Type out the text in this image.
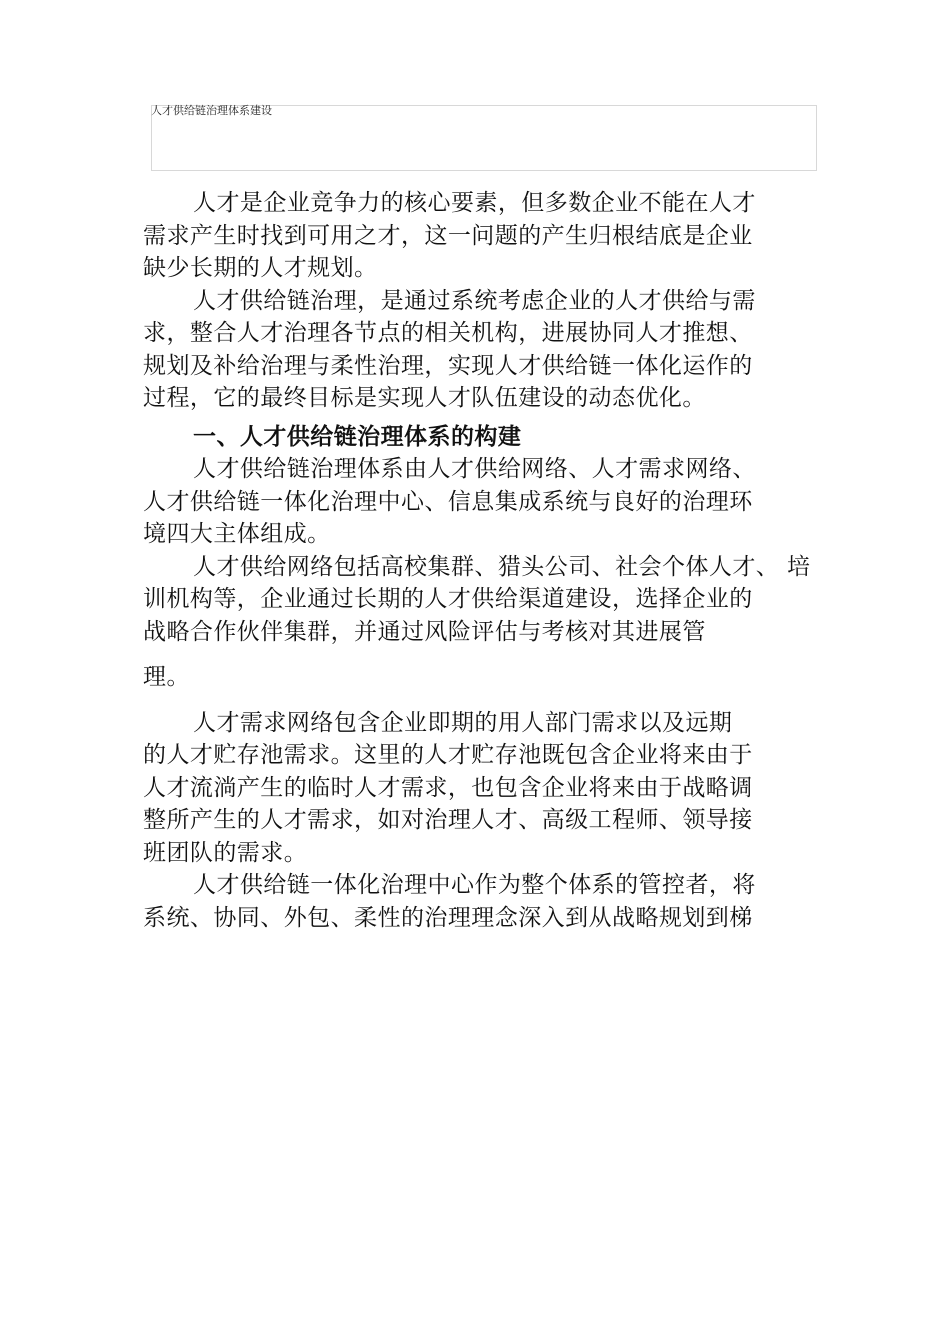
人才供给链治理体系建设
人才是企业竞争力的核心要素，但多数企业不能在人才
需求产生时找到可用之才，这一问题的产生归根结底是企业
缺少长期的人才规划。
人才供给链治理，是通过系统考虑企业的人才供给与需
求，整合人才治理各节点的相关机构，进展协同人才推想、
规划及补给治理与柔性治理，实现人才供给链一体化运作的
过程，它的最终目标是实现人才队伍建设的动态优化。
一、人才供给链治理体系的构建
人才供给链治理体系由人才供给网络、人才需求网络、
人才供给链一体化治理中心、信息集成系统与良好的治理环
境四大主体组成。
人才供给网络包括高校集群、猎头公司、社会个体人才、 培
训机构等，企业通过长期的人才供给渠道建设，选择企业的
战略合作伙伴集群，并通过风险评估与考核对其进展管
理。
人才需求网络包含企业即期的用人部门需求以及远期
的人才贮存池需求。这里的人才贮存池既包含企业将来由于
人才流淌产生的临时人才需求，也包含企业将来由于战略调
整所产生的人才需求，如对治理人才、高级工程师、领导接
班团队的需求。
人才供给链一体化治理中心作为整个体系的管控者，将
系统、协同、外包、柔性的治理理念深入到从战略规划到梯
